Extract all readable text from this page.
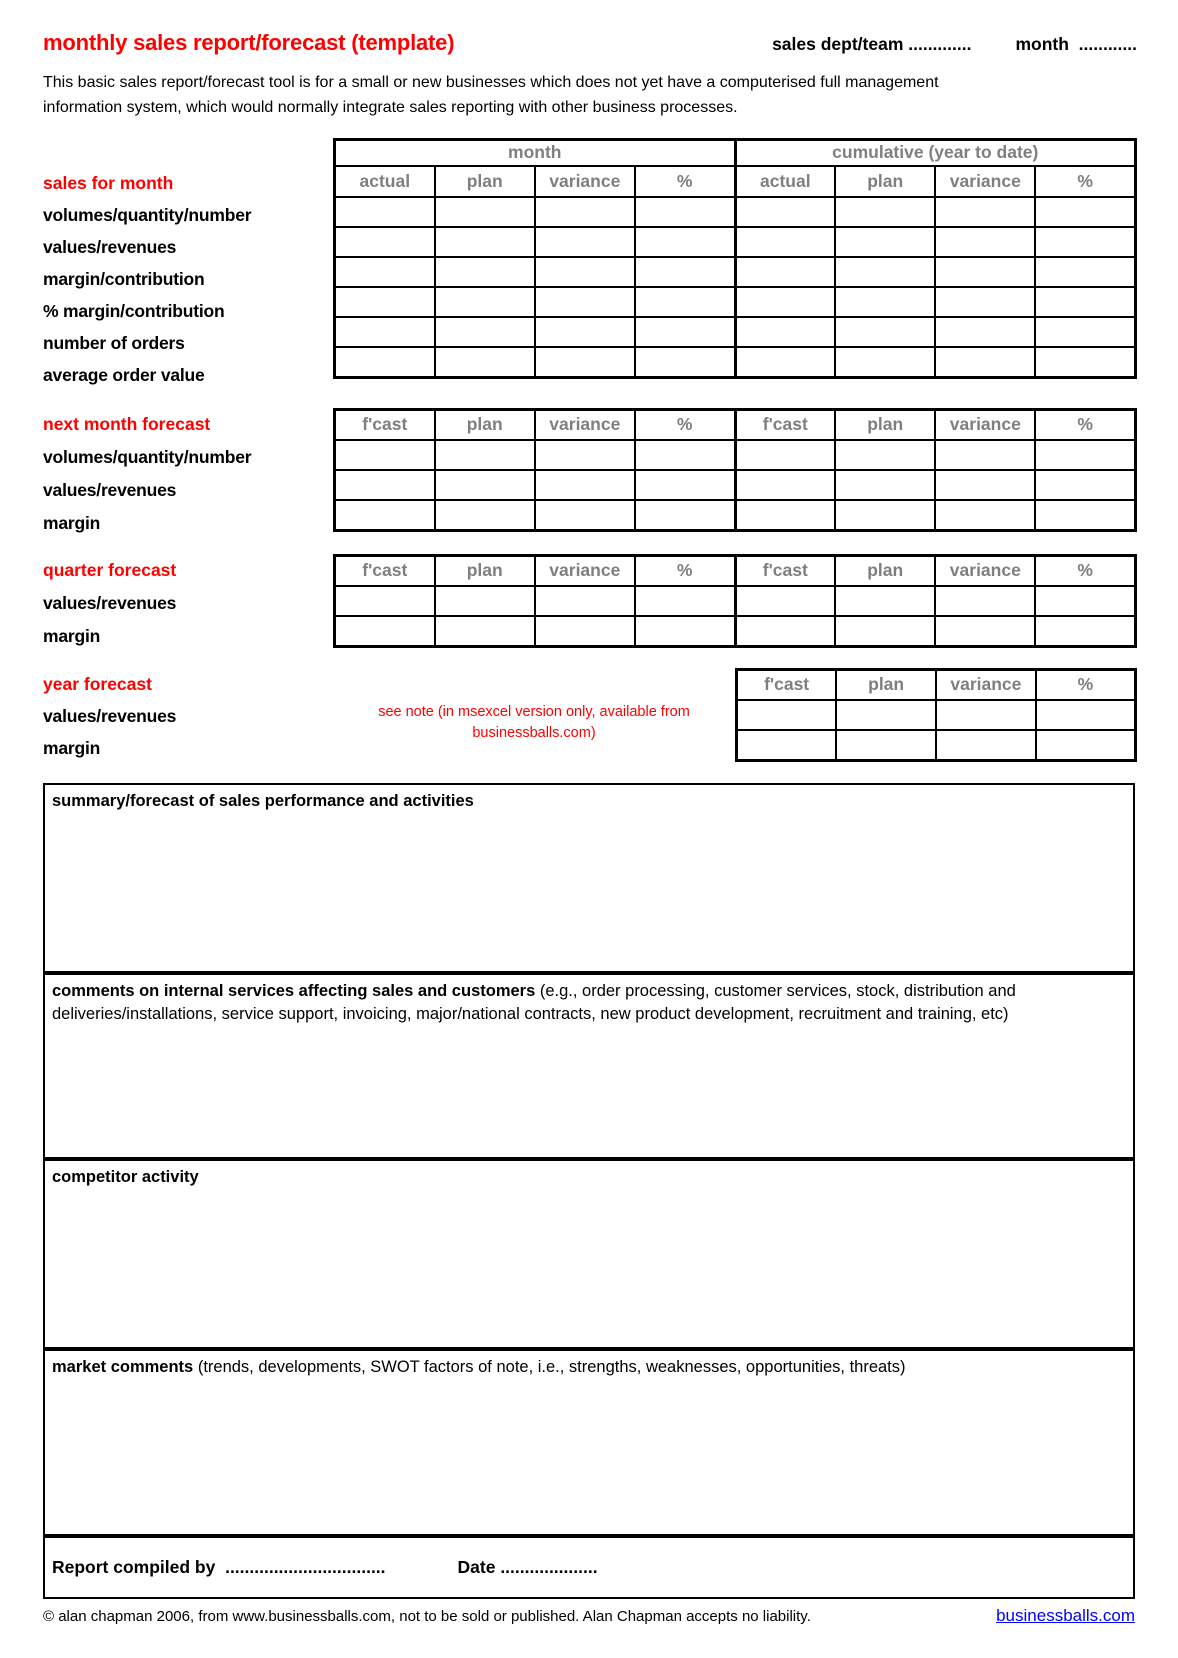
monthly sales report/forecast (template)	sales dept/team .............	month  ............
This basic sales report/forecast tool is for a small or new businesses which does not yet have a computerised full management information system, which would normally integrate sales reporting with other business processes.
sales for month
volumes/quantity/number
values/revenues
margin/contribution
% margin/contribution
number of orders
average order value
month				cumulative (year to date)			
actual	plan	variance	%	actual	plan	variance	%

next month forecast
volumes/quantity/number
values/revenues
margin
f'cast	plan	variance	%	f'cast	plan	variance	%

quarter forecast
values/revenues
margin
f'cast	plan	variance	%	f'cast	plan	variance	%

year forecast
values/revenues
margin
see note (in msexcel version only, available from businessballs.com)
f'cast	plan	variance	%

summary/forecast of sales performance and activities
comments on internal services affecting sales and customers (e.g., order processing, customer services, stock, distribution and deliveries/installations, service support, invoicing, major/national contracts, new product development, recruitment and training, etc)
competitor activity
market comments (trends, developments, SWOT factors of note, i.e., strengths, weaknesses, opportunities, threats)
Report compiled by  .................................	Date ....................
© alan chapman 2006, from www.businessballs.com, not to be sold or published. Alan Chapman accepts no liability.	businessballs.com
